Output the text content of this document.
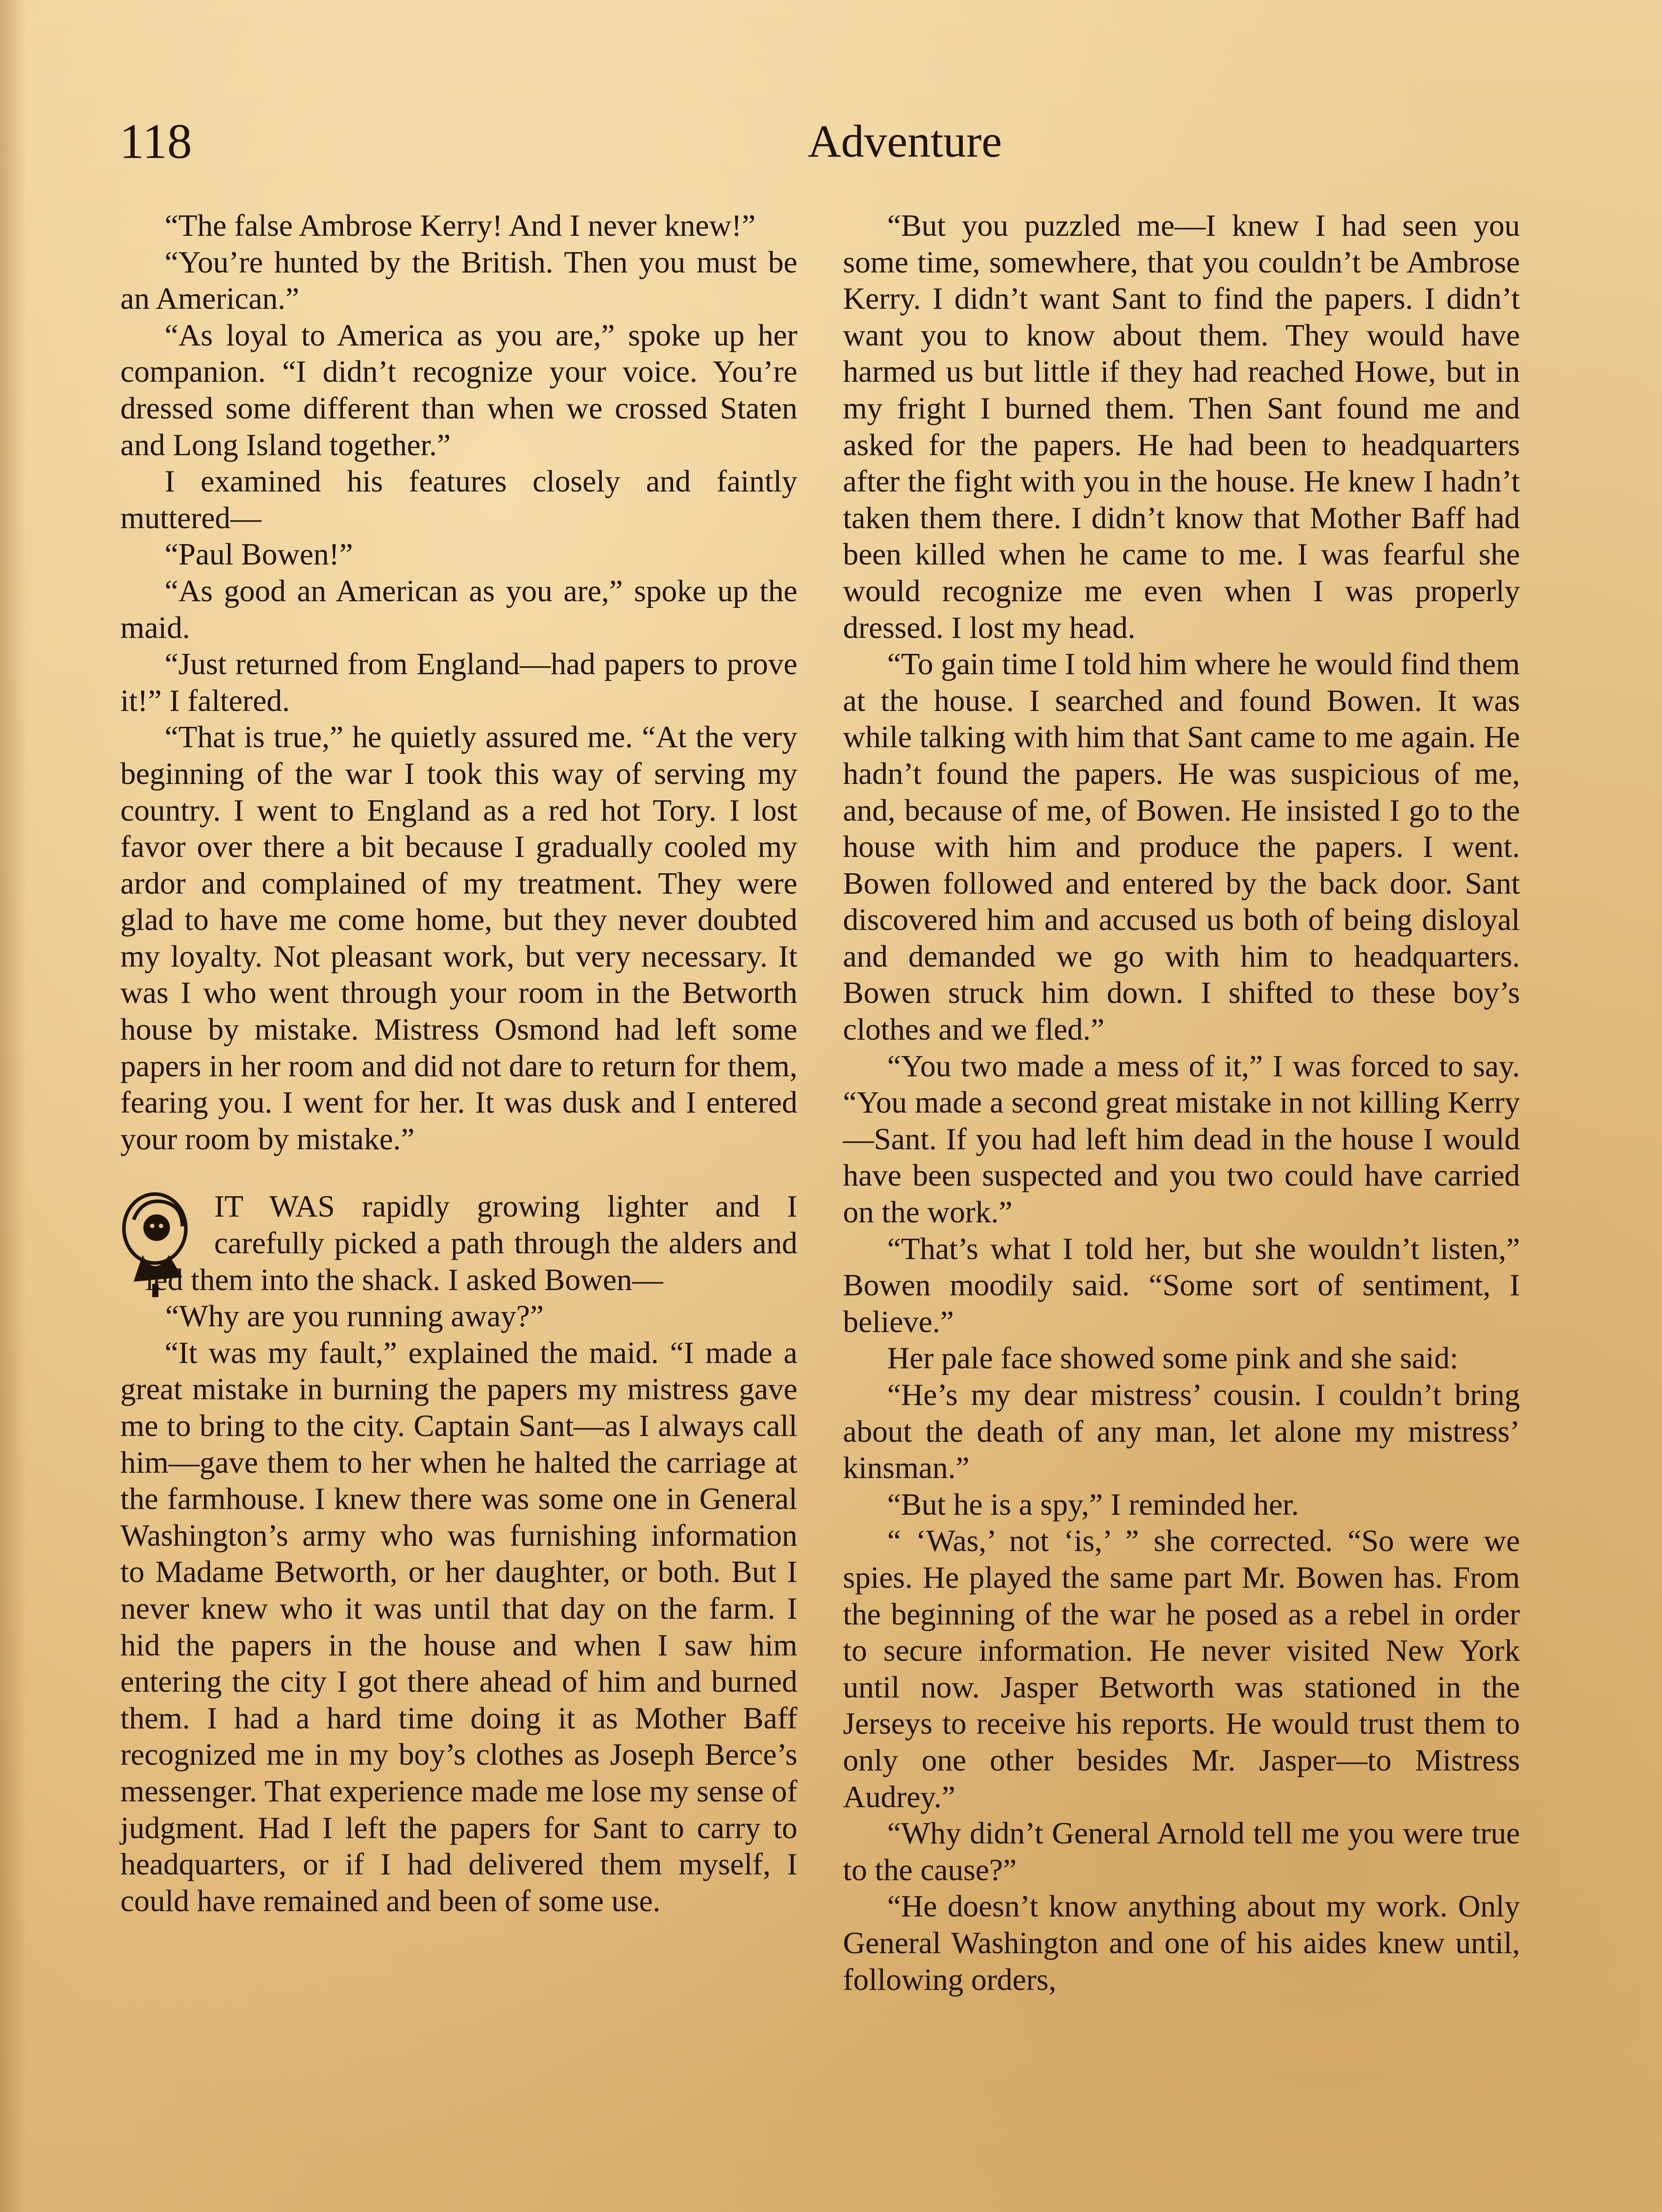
118	Adventure

“The false Ambrose Kerry! And I never knew!”

“You’re hunted by the British. Then you must be an American.”

“As loyal to America as you are,” spoke up her companion. “I didn’t recognize your voice. You’re dressed some different than when we crossed Staten and Long Island together.”

I examined his features closely and faintly muttered—

“Paul Bowen!”

“As good an American as you are,” spoke up the maid.

“Just returned from England—had papers to prove it!” I faltered.

“That is true,” he quietly assured me. “At the very beginning of the war I took this way of serving my country. I went to England as a red hot Tory. I lost favor over there a bit because I gradually cooled my ardor and complained of my treatment. They were glad to have me come home, but they never doubted my loyalty. Not pleasant work, but very necessary. It was I who went through your room in the Betworth house by mistake. Mistress Osmond had left some papers in her room and did not dare to return for them, fearing you. I went for her. It was dusk and I entered your room by mistake.”

IT WAS rapidly growing lighter and I carefully picked a path through the alders and led them into the shack. I asked Bowen—

“Why are you running away?”

“It was my fault,” explained the maid. “I made a great mistake in burning the papers my mistress gave me to bring to the city. Captain Sant—as I always call him—gave them to her when he halted the carriage at the farmhouse. I knew there was some one in General Washington’s army who was furnishing information to Madame Betworth, or her daughter, or both. But I never knew who it was until that day on the farm. I hid the papers in the house and when I saw him entering the city I got there ahead of him and burned them. I had a hard time doing it as Mother Baff recognized me in my boy’s clothes as Joseph Berce’s messenger. That experience made me lose my sense of judgment. Had I left the papers for Sant to carry to headquarters, or if I had delivered them myself, I could have remained and been of some use.

“But you puzzled me—I knew I had seen you some time, somewhere, that you couldn’t be Ambrose Kerry. I didn’t want Sant to find the papers. I didn’t want you to know about them. They would have harmed us but little if they had reached Howe, but in my fright I burned them. Then Sant found me and asked for the papers. He had been to headquarters after the fight with you in the house. He knew I hadn’t taken them there. I didn’t know that Mother Baff had been killed when he came to me. I was fearful she would recognize me even when I was properly dressed. I lost my head.

“To gain time I told him where he would find them at the house. I searched and found Bowen. It was while talking with him that Sant came to me again. He hadn’t found the papers. He was suspicious of me, and, because of me, of Bowen. He insisted I go to the house with him and produce the papers. I went. Bowen followed and entered by the back door. Sant discovered him and accused us both of being disloyal and demanded we go with him to headquarters. Bowen struck him down. I shifted to these boy’s clothes and we fled.”

“You two made a mess of it,” I was forced to say. “You made a second great mistake in not killing Kerry—Sant. If you had left him dead in the house I would have been suspected and you two could have carried on the work.”

“That’s what I told her, but she wouldn’t listen,” Bowen moodily said. “Some sort of sentiment, I believe.”

Her pale face showed some pink and she said:

“He’s my dear mistress’ cousin. I couldn’t bring about the death of any man, let alone my mistress’ kinsman.”

“But he is a spy,” I reminded her.

“ ‘Was,’ not ‘is,’ ” she corrected. “So were we spies. He played the same part Mr. Bowen has. From the beginning of the war he posed as a rebel in order to secure information. He never visited New York until now. Jasper Betworth was stationed in the Jerseys to receive his reports. He would trust them to only one other besides Mr. Jasper—to Mistress Audrey.”

“Why didn’t General Arnold tell me you were true to the cause?”

“He doesn’t know anything about my work. Only General Washington and one of his aides knew until, following orders,
